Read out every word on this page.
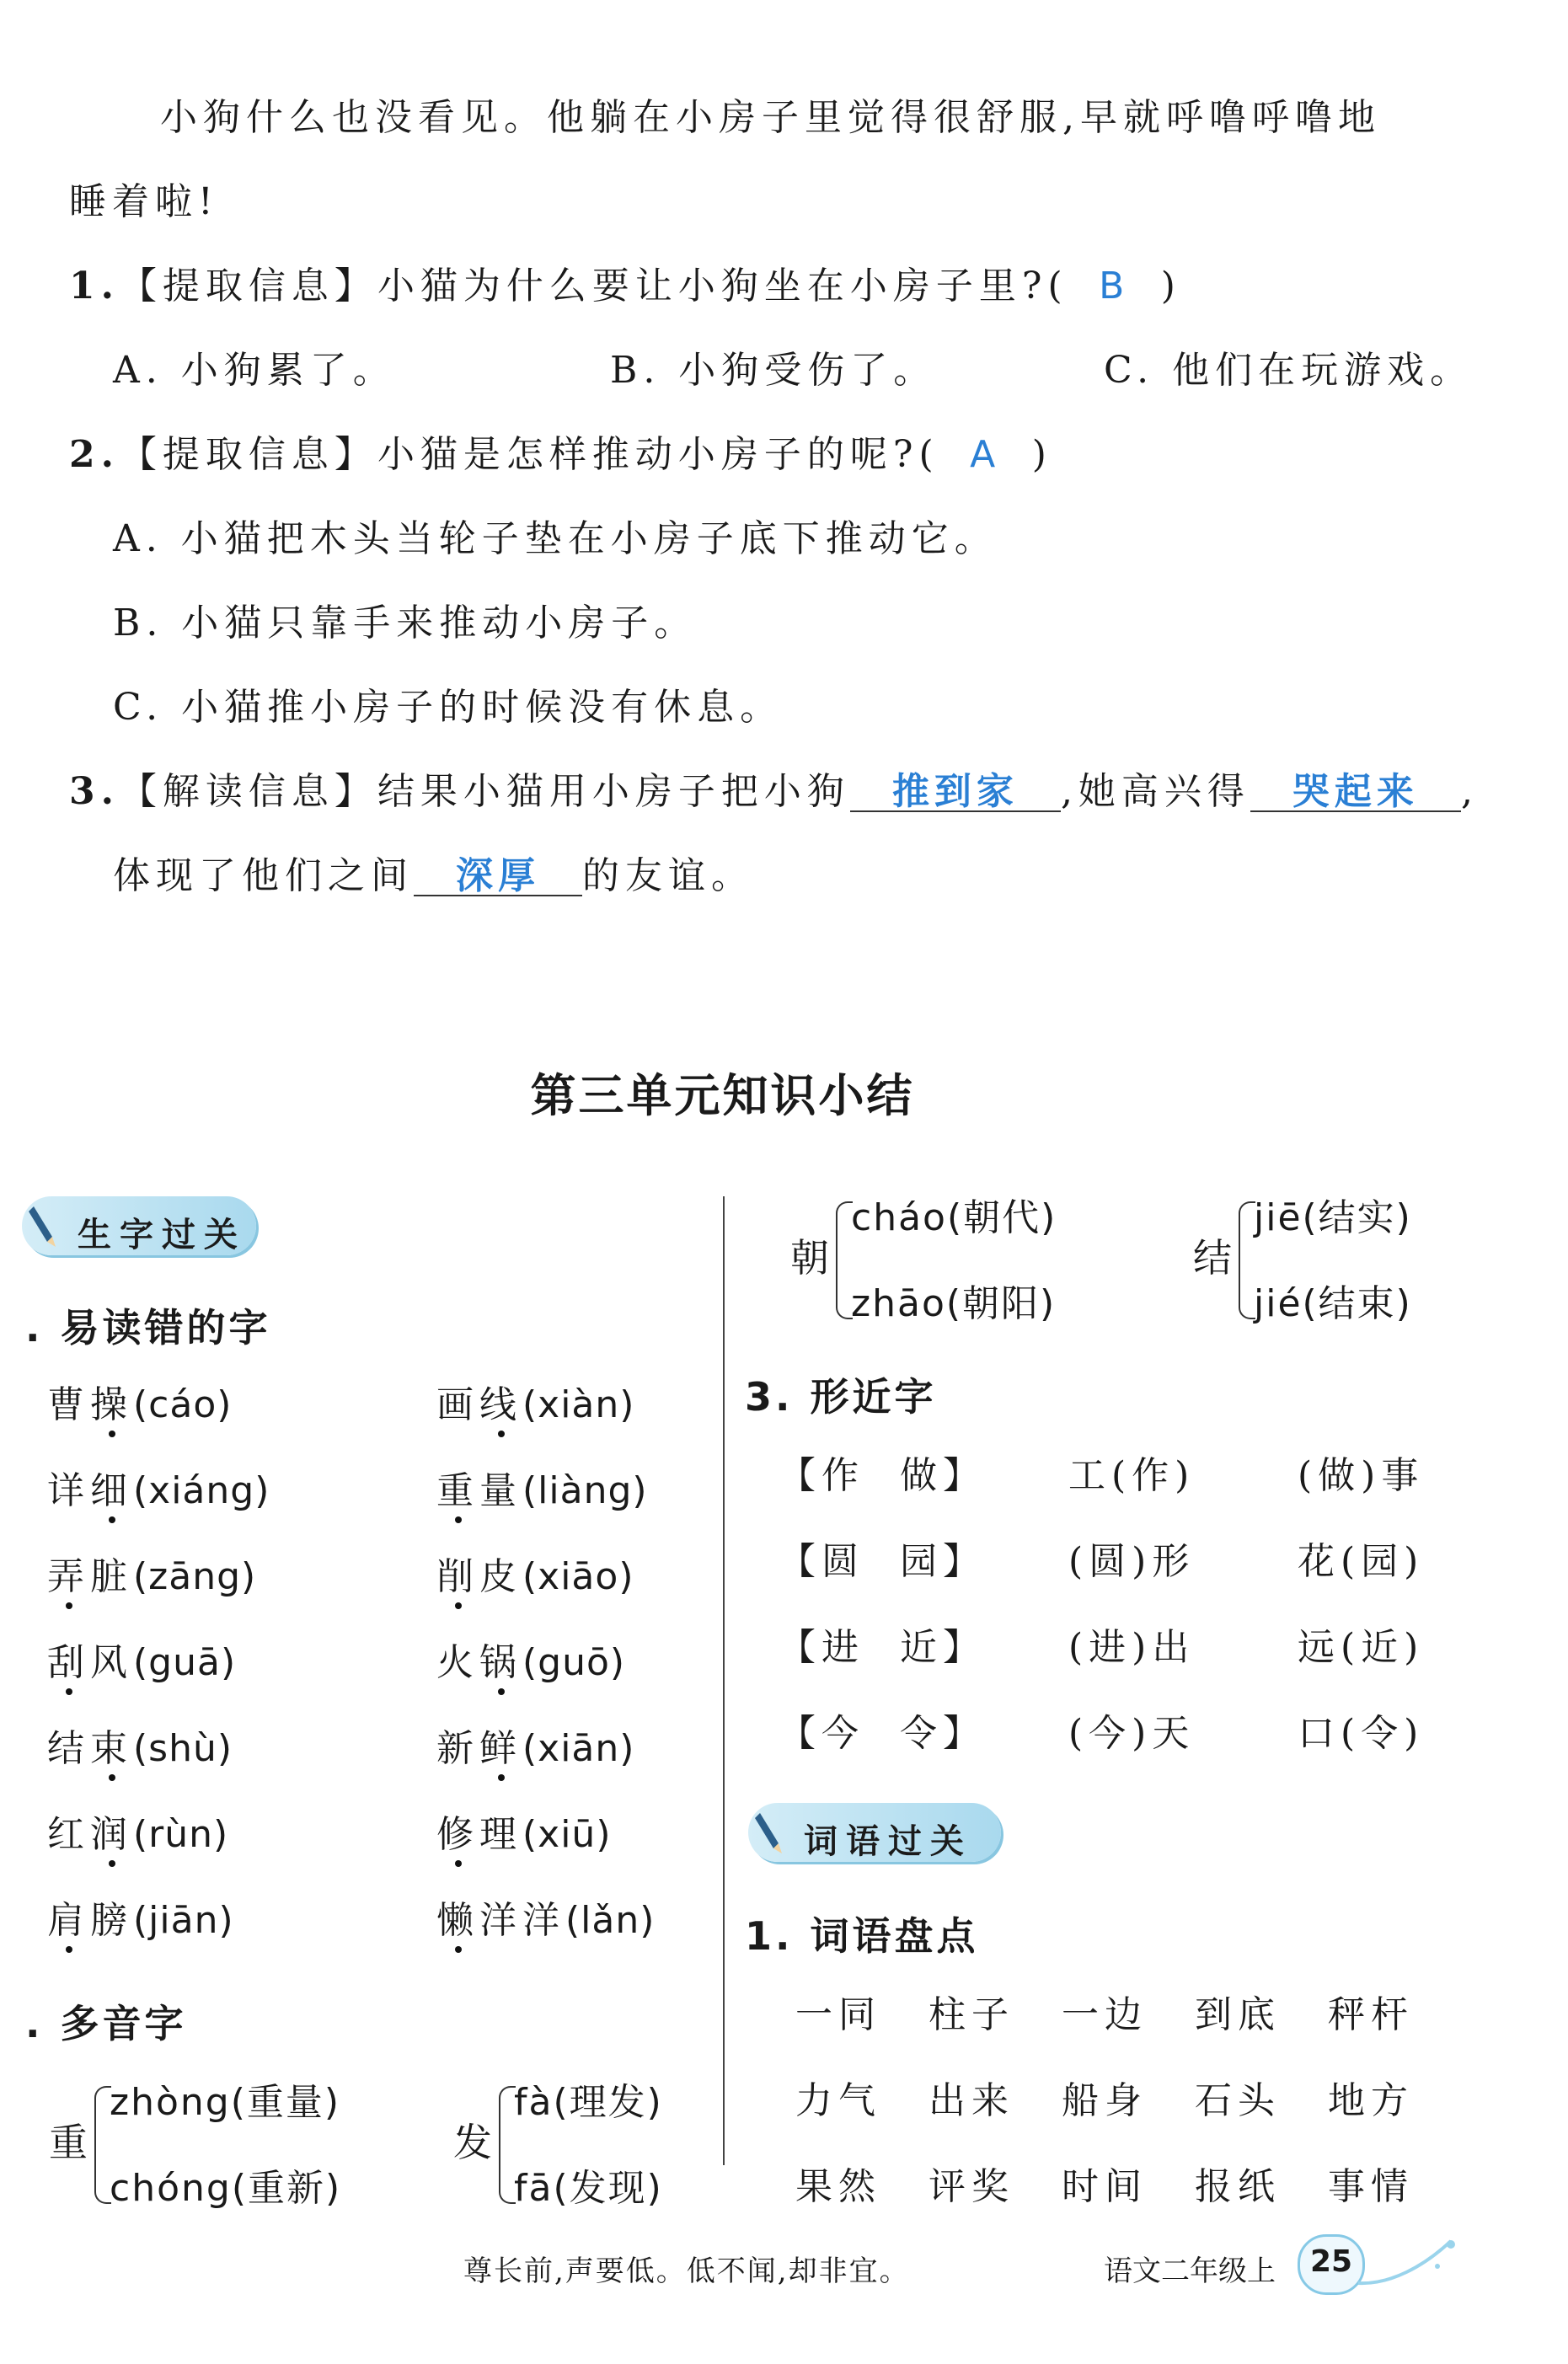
小狗什么也没看见。他躺在小房子里觉得很舒服,早就呼噜呼噜地
睡着啦!
1.【提取信息】小猫为什么要让小狗坐在小房子里?( B )
A. 小狗累了。	B. 小狗受伤了。	C. 他们在玩游戏。
2.【提取信息】小猫是怎样推动小房子的呢?( A )
A. 小猫把木头当轮子垫在小房子底下推动它。
B. 小猫只靠手来推动小房子。
C. 小猫推小房子的时候没有休息。
3.【解读信息】结果小猫用小房子把小狗 推到家 ,她高兴得 哭起来 ,
体现了他们之间 深厚 的友谊。
第三单元知识小结
生字过关
. 易读错的字
曹操(cáo)	画线(xiàn)
详细(xiáng)	重量(liàng)
弄脏(zāng)	削皮(xiāo)
刮风(guā)	火锅(guō)
结束(shù)	新鲜(xiān)
红润(rùn)	修理(xiū)
肩膀(jiān)	懒洋洋(lǎn)
. 多音字
重
zhòng(重量)
chóng(重新)
发
fà(理发)
fā(发现)
朝
cháo(朝代)
zhāo(朝阳)
结
jiē(结实)
jié(结束)
3. 形近字
【作  做】 工(作)	(做)事
【圆  园】 (圆)形	花(园)
【进  近】 (进)出	远(近)
【今  令】 (今)天	口(令)
词语过关
1. 词语盘点
一同 柱子 一边 到底 秤杆
力气 出来 船身 石头 地方
果然 评奖 时间 报纸 事情
尊长前,声要低。低不闻,却非宜。	语文二年级上	25
